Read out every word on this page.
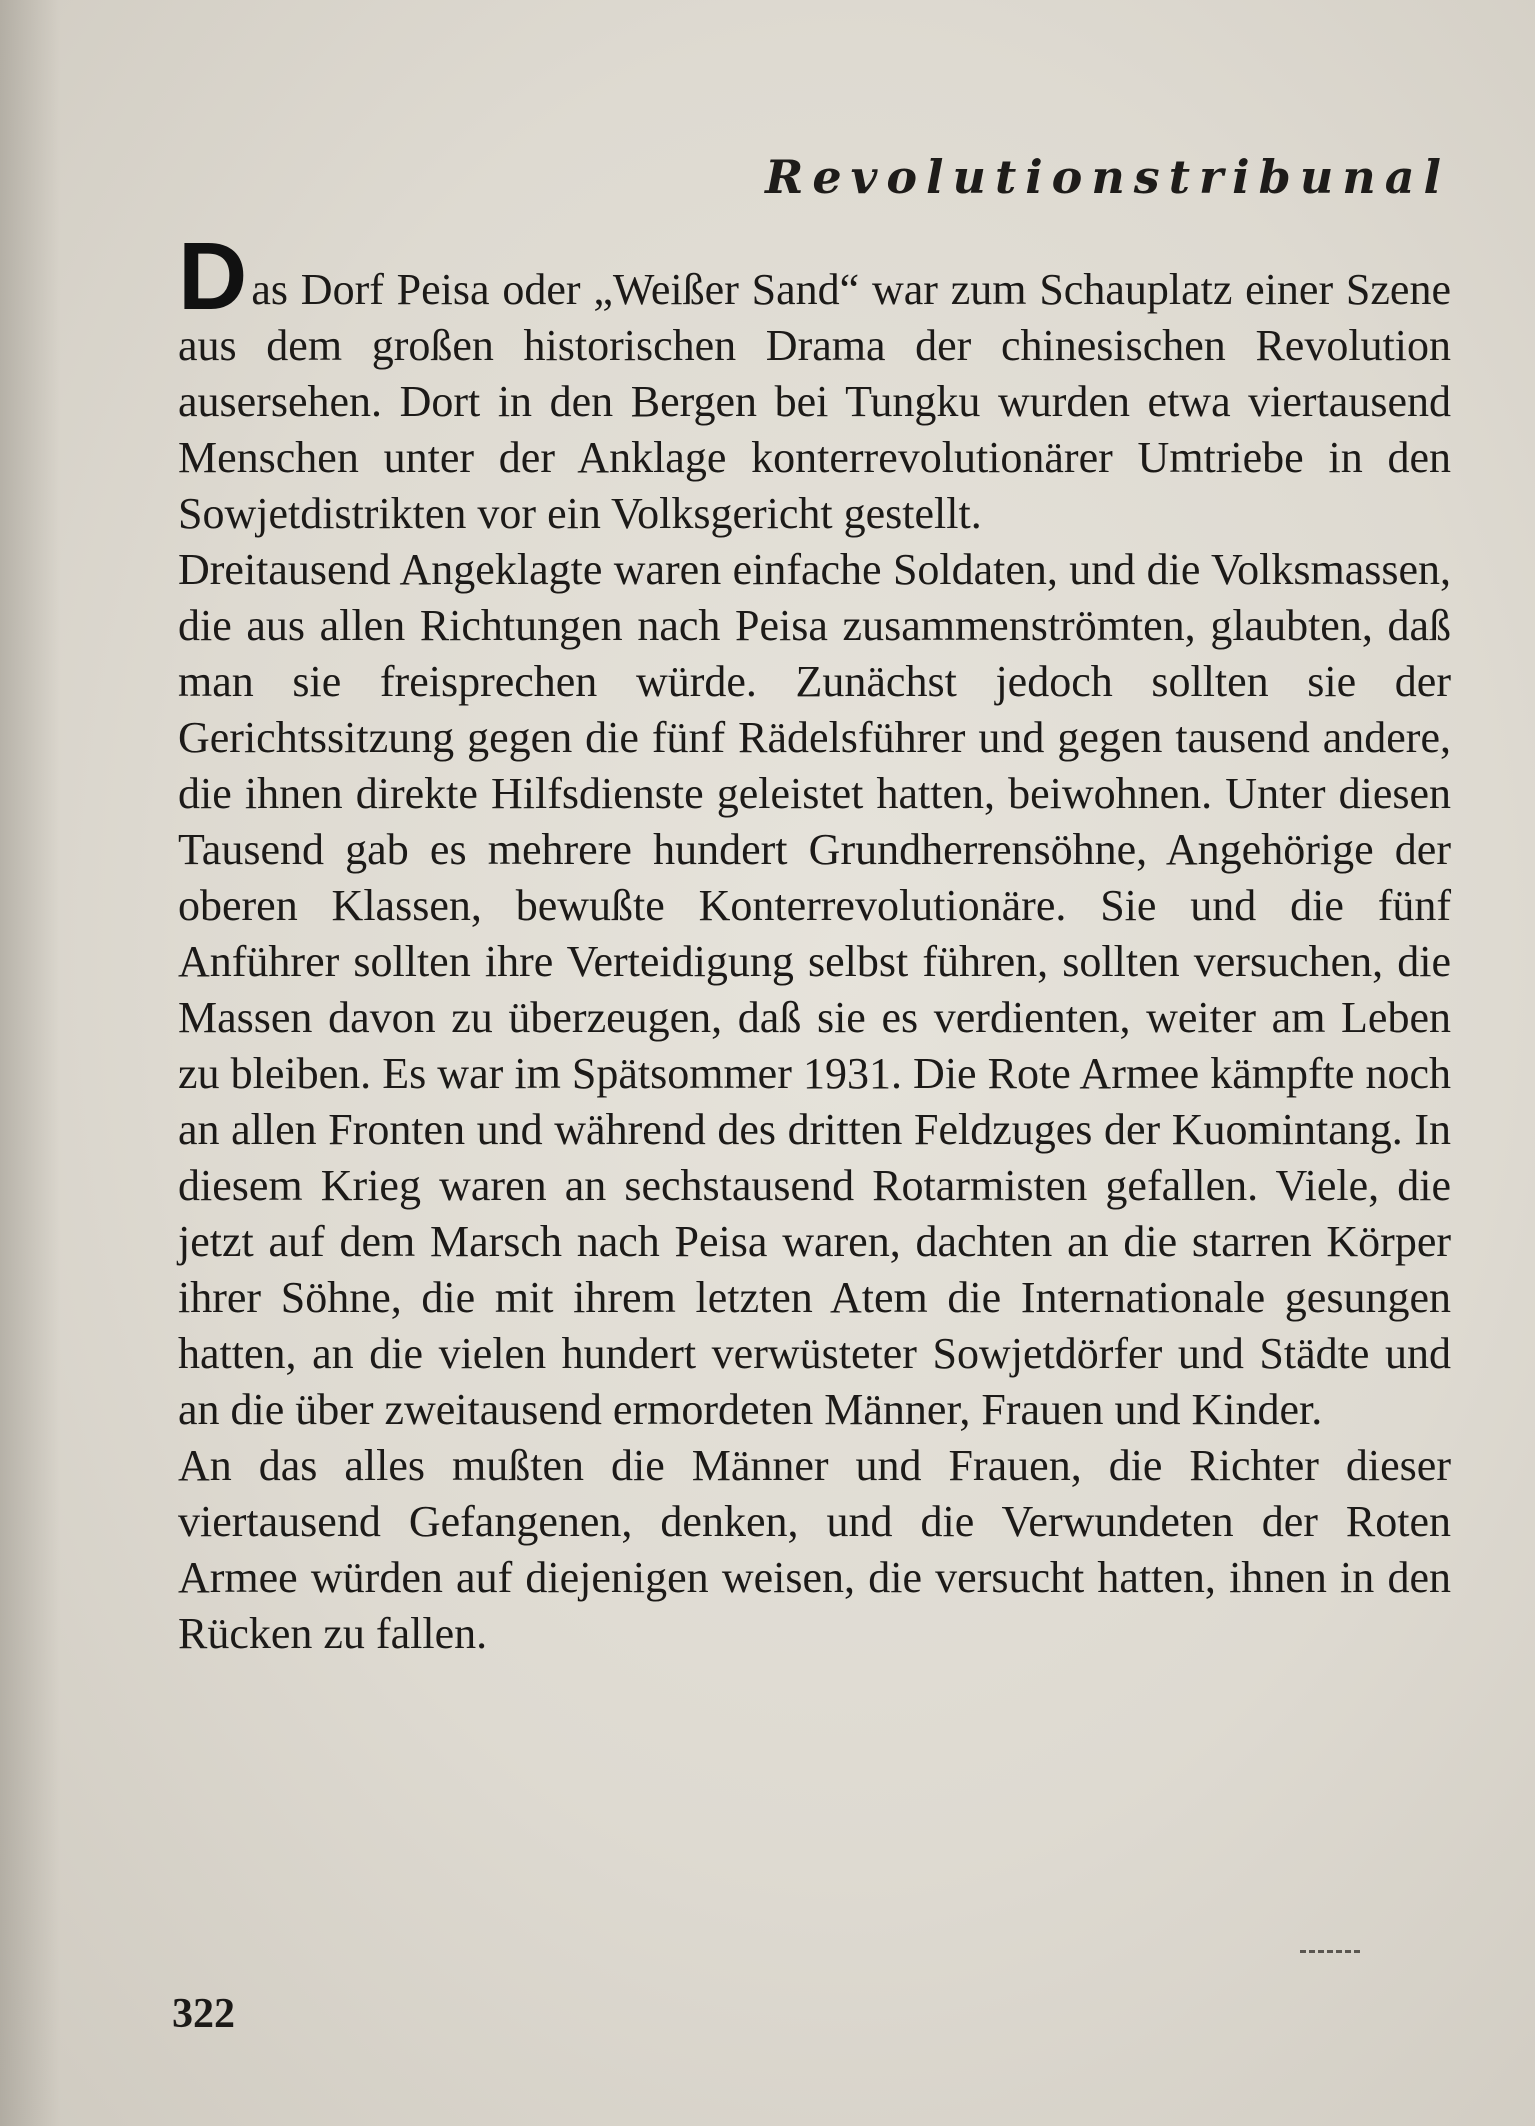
Revolutionstribunal

Das Dorf Peisa oder „Weißer Sand“ war zum Schauplatz einer Szene aus dem großen historischen Drama der chinesischen Revolution ausersehen. Dort in den Bergen bei Tungku wurden etwa viertausend Menschen unter der Anklage konterrevolutionärer Umtriebe in den Sowjetdistrikten vor ein Volksgericht gestellt.

Dreitausend Angeklagte waren einfache Soldaten, und die Volksmassen, die aus allen Richtungen nach Peisa zusammenströmten, glaubten, daß man sie freisprechen würde. Zunächst jedoch sollten sie der Gerichtssitzung gegen die fünf Rädelsführer und gegen tausend andere, die ihnen direkte Hilfsdienste geleistet hatten, beiwohnen. Unter diesen Tausend gab es mehrere hundert Grundherrensöhne, Angehörige der oberen Klassen, bewußte Konterrevolutionäre. Sie und die fünf Anführer sollten ihre Verteidigung selbst führen, sollten versuchen, die Massen davon zu überzeugen, daß sie es verdienten, weiter am Leben zu bleiben. Es war im Spätsommer 1931. Die Rote Armee kämpfte noch an allen Fronten und während des dritten Feldzuges der Kuomintang. In diesem Krieg waren an sechstausend Rotarmisten gefallen. Viele, die jetzt auf dem Marsch nach Peisa waren, dachten an die starren Körper ihrer Söhne, die mit ihrem letzten Atem die Internationale gesungen hatten, an die vielen hundert verwüsteter Sowjetdörfer und Städte und an die über zweitausend ermordeten Männer, Frauen und Kinder.

An das alles mußten die Männer und Frauen, die Richter dieser viertausend Gefangenen, denken, und die Verwundeten der Roten Armee würden auf diejenigen weisen, die versucht hatten, ihnen in den Rücken zu fallen.

322
